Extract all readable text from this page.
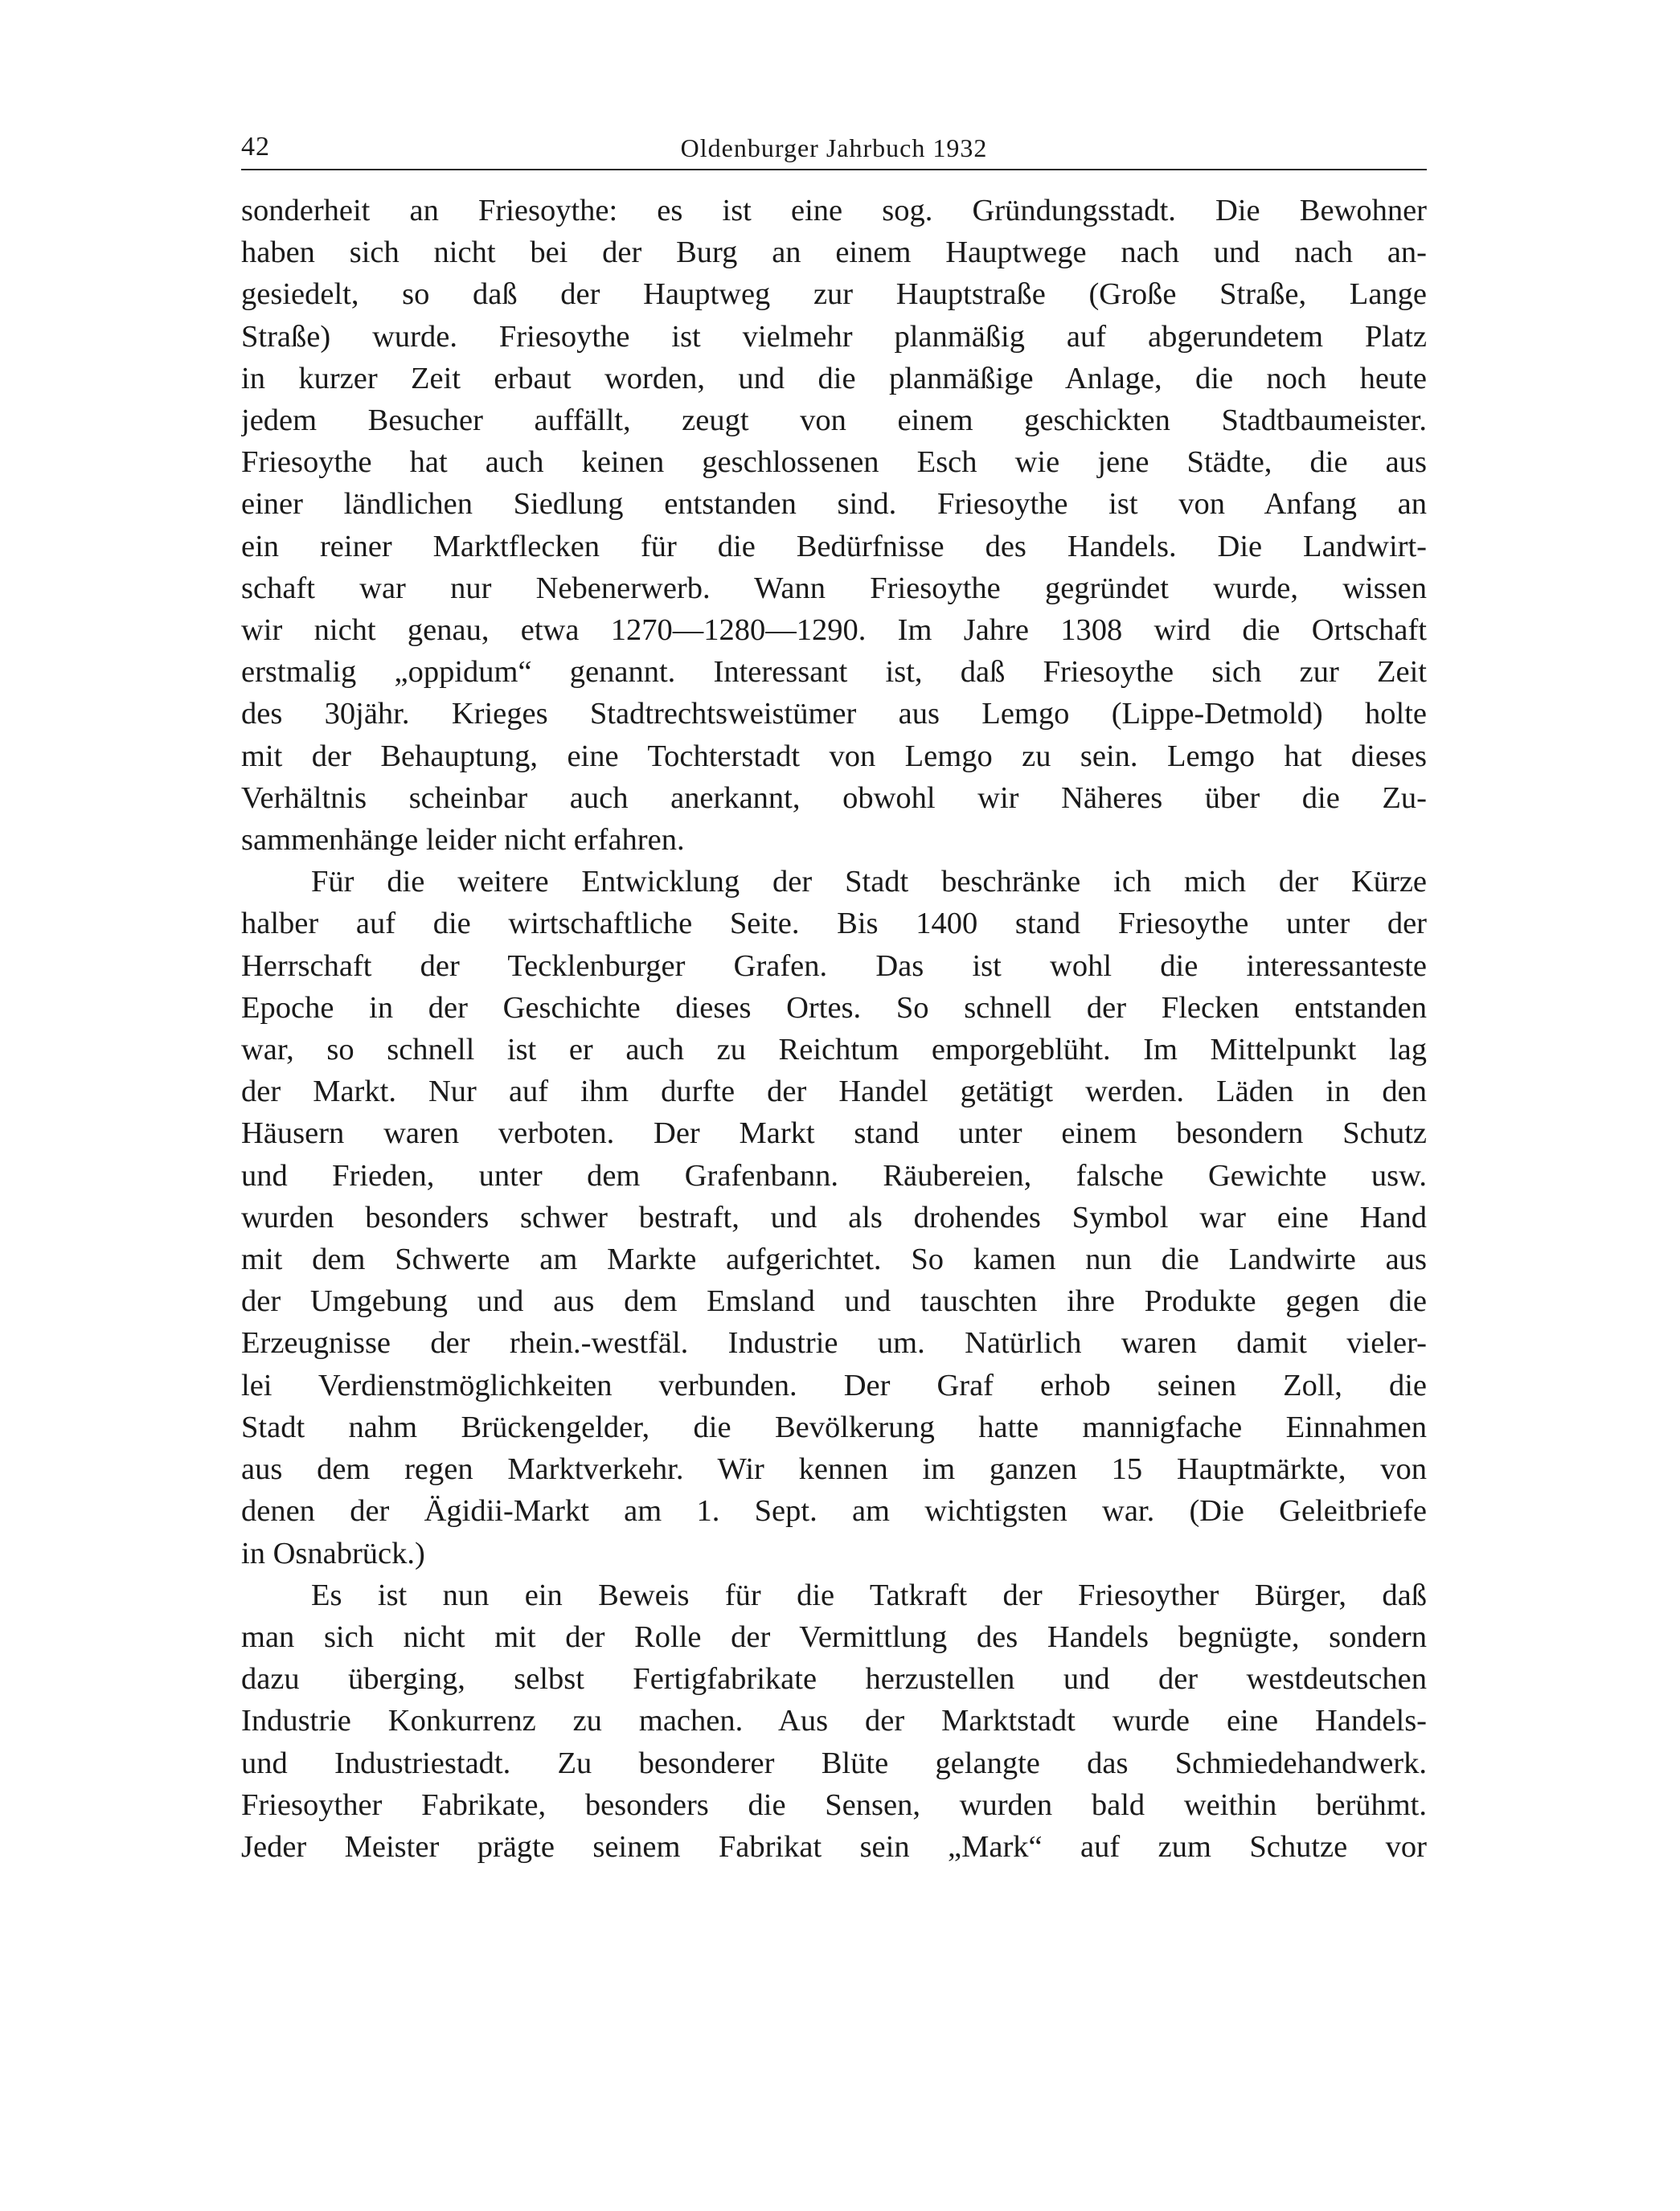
42	Oldenburger Jahrbuch 1932

sonderheit an Friesoythe: es ist eine sog. Gründungsstadt. Die Bewohner
haben sich nicht bei der Burg an einem Hauptwege nach und nach an-
gesiedelt, so daß der Hauptweg zur Hauptstraße (Große Straße, Lange
Straße) wurde. Friesoythe ist vielmehr planmäßig auf abgerundetem Platz
in kurzer Zeit erbaut worden, und die planmäßige Anlage, die noch heute
jedem Besucher auffällt, zeugt von einem geschickten Stadtbaumeister.
Friesoythe hat auch keinen geschlossenen Esch wie jene Städte, die aus
einer ländlichen Siedlung entstanden sind. Friesoythe ist von Anfang an
ein reiner Marktflecken für die Bedürfnisse des Handels. Die Landwirt-
schaft war nur Nebenerwerb. Wann Friesoythe gegründet wurde, wissen
wir nicht genau, etwa 1270—1280—1290. Im Jahre 1308 wird die Ortschaft
erstmalig „oppidum“ genannt. Interessant ist, daß Friesoythe sich zur Zeit
des 30jähr. Krieges Stadtrechtsweistümer aus Lemgo (Lippe-Detmold) holte
mit der Behauptung, eine Tochterstadt von Lemgo zu sein. Lemgo hat dieses
Verhältnis scheinbar auch anerkannt, obwohl wir Näheres über die Zu-
sammenhänge leider nicht erfahren.

Für die weitere Entwicklung der Stadt beschränke ich mich der Kürze
halber auf die wirtschaftliche Seite. Bis 1400 stand Friesoythe unter der
Herrschaft der Tecklenburger Grafen. Das ist wohl die interessanteste
Epoche in der Geschichte dieses Ortes. So schnell der Flecken entstanden
war, so schnell ist er auch zu Reichtum emporgeblüht. Im Mittelpunkt lag
der Markt. Nur auf ihm durfte der Handel getätigt werden. Läden in den
Häusern waren verboten. Der Markt stand unter einem besondern Schutz
und Frieden, unter dem Grafenbann. Räubereien, falsche Gewichte usw.
wurden besonders schwer bestraft, und als drohendes Symbol war eine Hand
mit dem Schwerte am Markte aufgerichtet. So kamen nun die Landwirte aus
der Umgebung und aus dem Emsland und tauschten ihre Produkte gegen die
Erzeugnisse der rhein.-westfäl. Industrie um. Natürlich waren damit vieler-
lei Verdienstmöglichkeiten verbunden. Der Graf erhob seinen Zoll, die
Stadt nahm Brückengelder, die Bevölkerung hatte mannigfache Einnahmen
aus dem regen Marktverkehr. Wir kennen im ganzen 15 Hauptmärkte, von
denen der Ägidii-Markt am 1. Sept. am wichtigsten war. (Die Geleitbriefe
in Osnabrück.)

Es ist nun ein Beweis für die Tatkraft der Friesoyther Bürger, daß
man sich nicht mit der Rolle der Vermittlung des Handels begnügte, sondern
dazu überging, selbst Fertigfabrikate herzustellen und der westdeutschen
Industrie Konkurrenz zu machen. Aus der Marktstadt wurde eine Handels-
und Industriestadt. Zu besonderer Blüte gelangte das Schmiedehandwerk.
Friesoyther Fabrikate, besonders die Sensen, wurden bald weithin berühmt.
Jeder Meister prägte seinem Fabrikat sein „Mark“ auf zum Schutze vor
